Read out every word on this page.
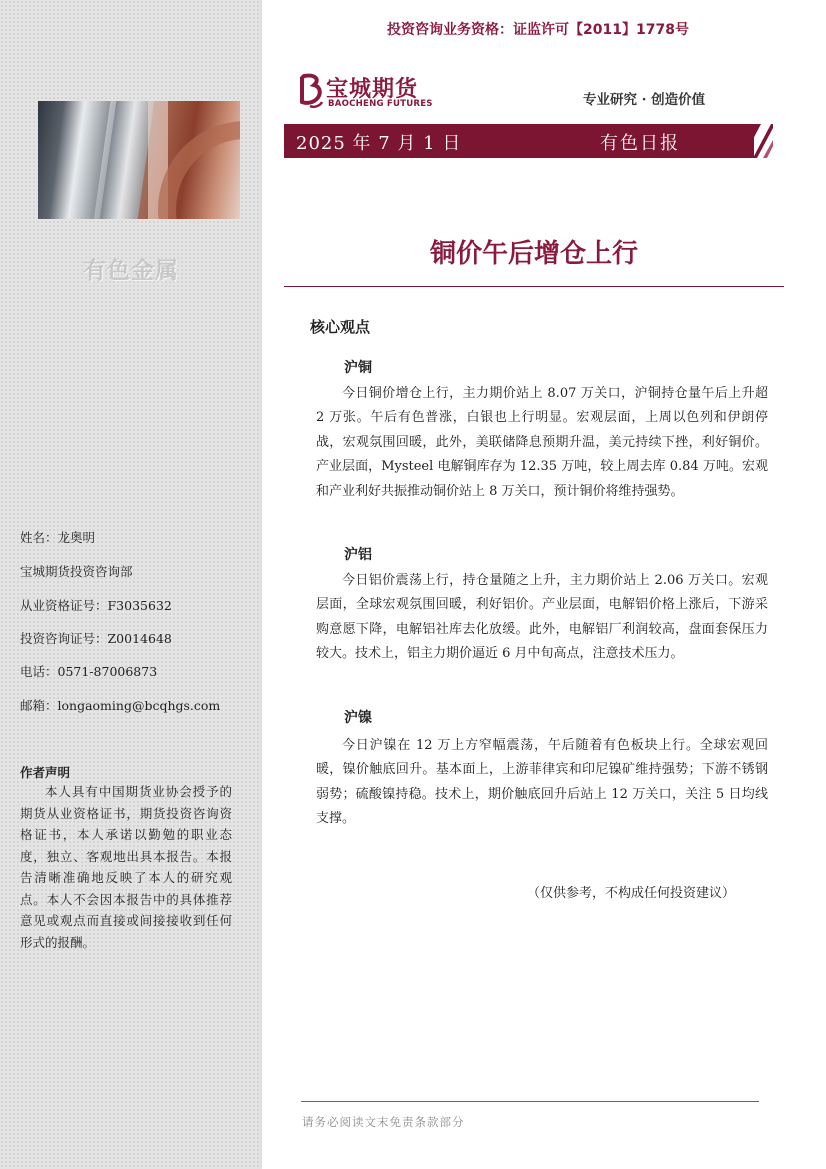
有色金属
姓名：龙奥明
宝城期货投资咨询部
从业资格证号：F3035632
投资咨询证号：Z0014648
电话：0571-87006873
邮箱：longaoming@bcqhgs.com
作者声明
本人具有中国期货业协会授予的期货从业资格证书，期货投资咨询资格证书，本人承诺以勤勉的职业态度，独立、客观地出具本报告。本报告清晰准确地反映了本人的研究观点。本人不会因本报告中的具体推荐意见或观点而直接或间接接收到任何形式的报酬。
投资咨询业务资格：证监许可【2011】1778号
宝城期货
BAOCHENG FUTURES	专业研究 · 创造价值
2025 年 7 月 1 日	有色日报
铜价午后增仓上行
核心观点
沪铜
今日铜价增仓上行，主力期价站上 8.07 万关口，沪铜持仓量午后上升超 2 万张。午后有色普涨，白银也上行明显。宏观层面，上周以色列和伊朗停战，宏观氛围回暖，此外，美联储降息预期升温，美元持续下挫，利好铜价。产业层面，Mysteel 电解铜库存为 12.35 万吨，较上周去库 0.84 万吨。宏观和产业利好共振推动铜价站上 8 万关口，预计铜价将维持强势。
沪铝
今日铝价震荡上行，持仓量随之上升，主力期价站上 2.06 万关口。宏观层面，全球宏观氛围回暖，利好铝价。产业层面，电解铝价格上涨后，下游采购意愿下降，电解铝社库去化放缓。此外，电解铝厂利润较高，盘面套保压力较大。技术上，铝主力期价逼近 6 月中旬高点，注意技术压力。
沪镍
今日沪镍在 12 万上方窄幅震荡，午后随着有色板块上行。全球宏观回暖，镍价触底回升。基本面上，上游菲律宾和印尼镍矿维持强势；下游不锈钢弱势；硫酸镍持稳。技术上，期价触底回升后站上 12 万关口，关注 5 日均线支撑。
（仅供参考，不构成任何投资建议）
请务必阅读文末免责条款部分
